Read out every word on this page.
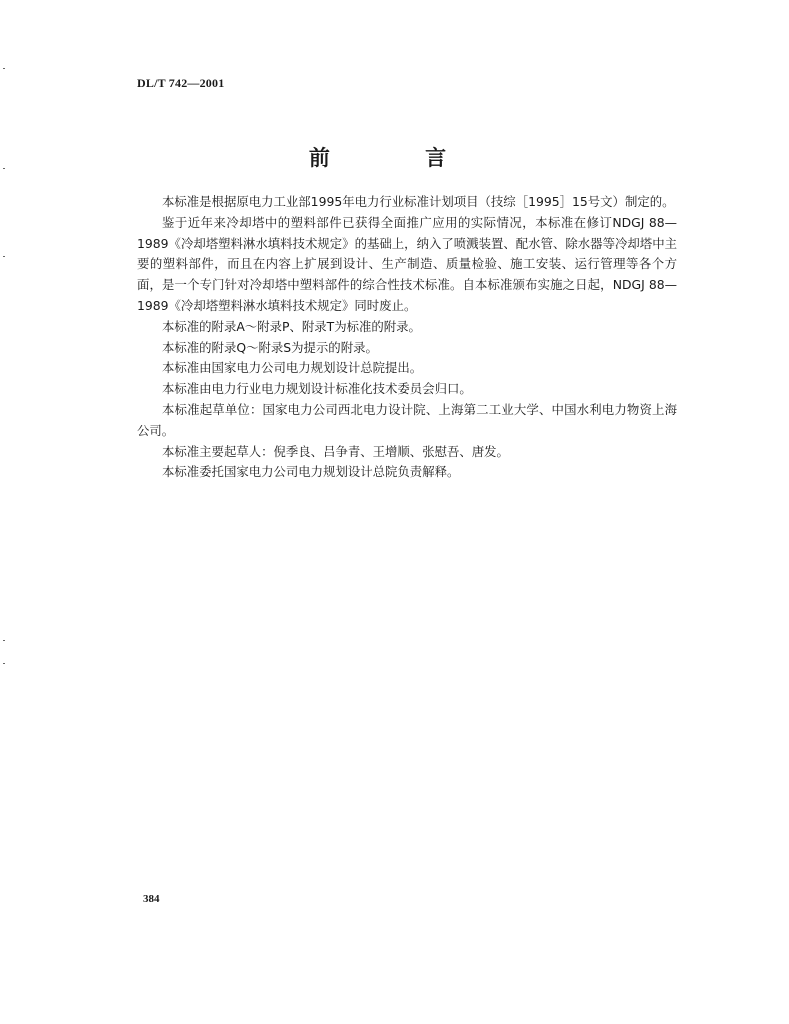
DL/T 742—2001
前 言

本标准是根据原电力工业部1995年电力行业标准计划项目（技综［1995］15号文）制定的。

鉴于近年来冷却塔中的塑料部件已获得全面推广应用的实际情况，本标准在修订NDGJ 88—1989《冷却塔塑料淋水填料技术规定》的基础上，纳入了喷溅装置、配水管、除水器等冷却塔中主要的塑料部件，而且在内容上扩展到设计、生产制造、质量检验、施工安装、运行管理等各个方面，是一个专门针对冷却塔中塑料部件的综合性技术标准。自本标准颁布实施之日起，NDGJ 88—1989《冷却塔塑料淋水填料技术规定》同时废止。

本标准的附录A～附录P、附录T为标准的附录。

本标准的附录Q～附录S为提示的附录。

本标准由国家电力公司电力规划设计总院提出。

本标准由电力行业电力规划设计标准化技术委员会归口。

本标准起草单位：国家电力公司西北电力设计院、上海第二工业大学、中国水利电力物资上海公司。

本标准主要起草人：倪季良、吕争青、王增顺、张慰吾、唐发。

本标准委托国家电力公司电力规划设计总院负责解释。

384
